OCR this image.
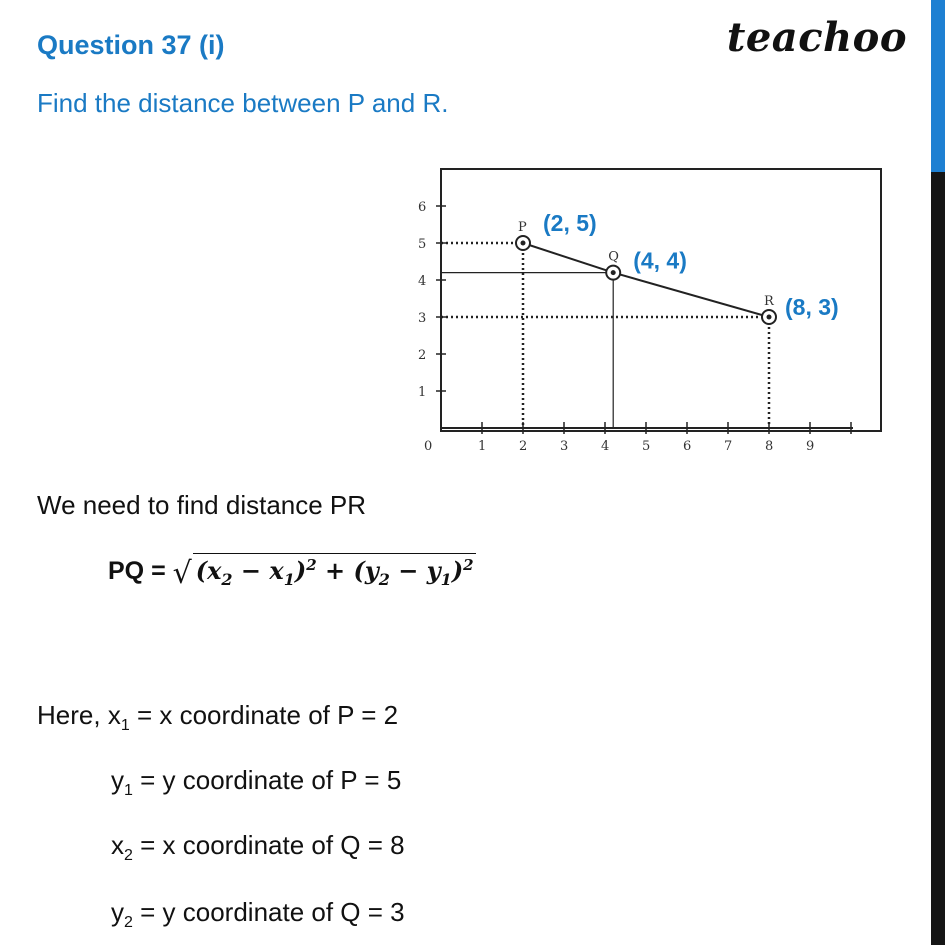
Question 37 (i)	teachoo
Find the distance between P and R.
0	1	2	3	4	5	6	7	8	9
1
2
3
4
5
6
P (2, 5)
Q (4, 4)
R (8, 3)
We need to find distance PR
PQ = √ $(x_2 - x_1)^2 + (y_2 - y_1)^2$
Here, $x_1 = x$ coordinate of P = 2
$y_1 = y$ coordinate of P = 5
$x_2 = x$ coordinate of Q = 8
$y_2 = y$ coordinate of Q = 3
